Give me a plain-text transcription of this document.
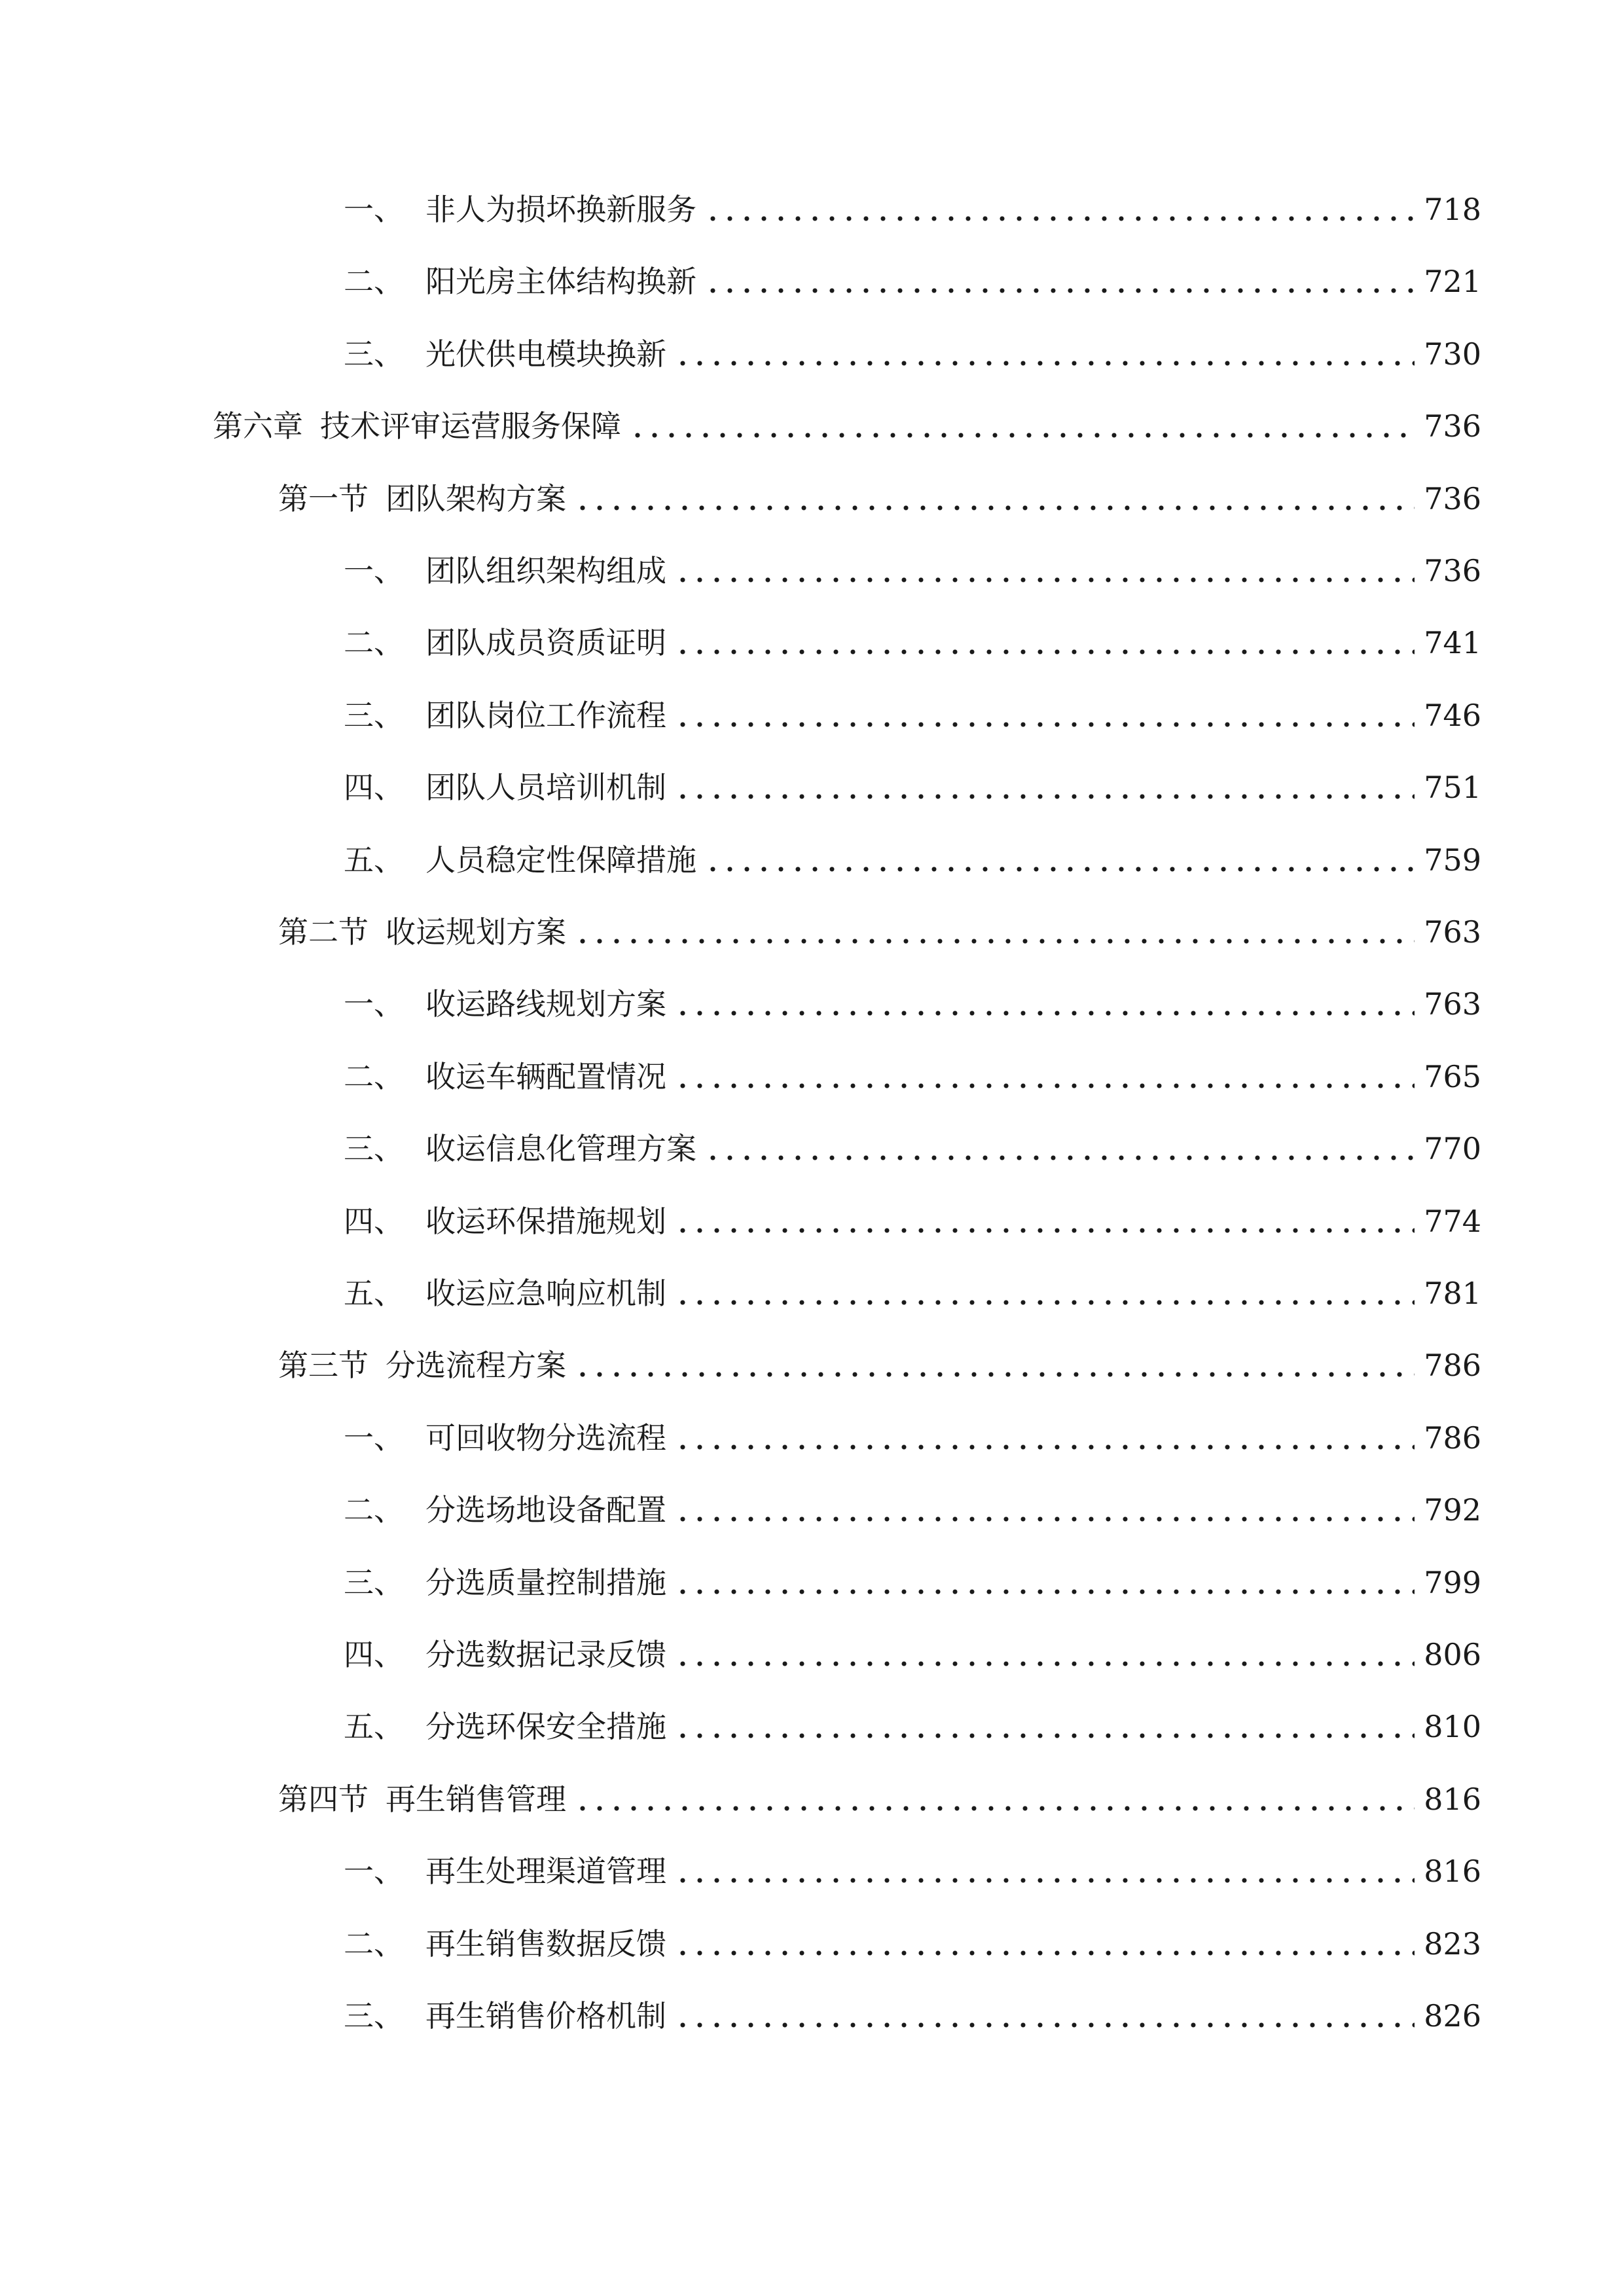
一、 非人为损坏换新服务	718
二、 阳光房主体结构换新	721
三、 光伏供电模块换新	730
第六章 技术评审运营服务保障	736
第一节 团队架构方案	736
一、 团队组织架构组成	736
二、 团队成员资质证明	741
三、 团队岗位工作流程	746
四、 团队人员培训机制	751
五、 人员稳定性保障措施	759
第二节 收运规划方案	763
一、 收运路线规划方案	763
二、 收运车辆配置情况	765
三、 收运信息化管理方案	770
四、 收运环保措施规划	774
五、 收运应急响应机制	781
第三节 分选流程方案	786
一、 可回收物分选流程	786
二、 分选场地设备配置	792
三、 分选质量控制措施	799
四、 分选数据记录反馈	806
五、 分选环保安全措施	810
第四节 再生销售管理	816
一、 再生处理渠道管理	816
二、 再生销售数据反馈	823
三、 再生销售价格机制	826
